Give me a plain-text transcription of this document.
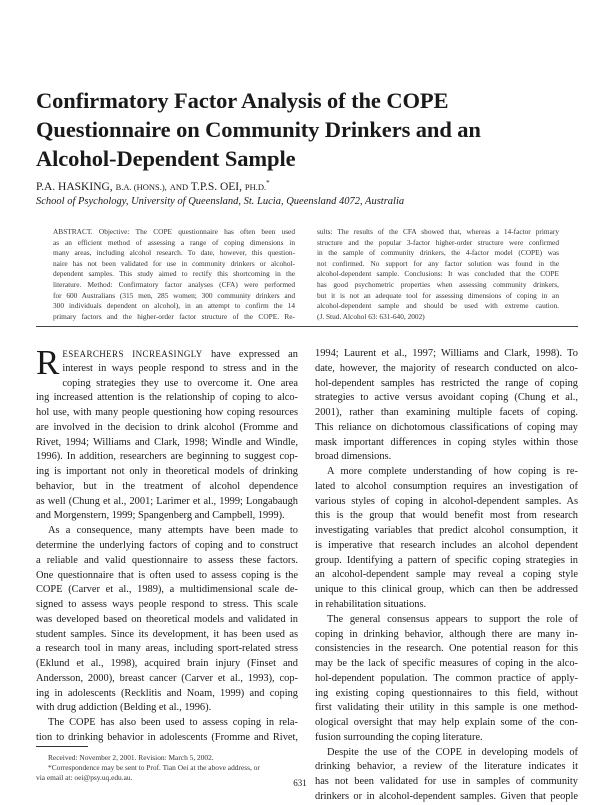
Confirmatory Factor Analysis of the COPE
Questionnaire on Community Drinkers and an
Alcohol-Dependent Sample
P.A. HASKING, B.A. (HONS.), AND T.P.S. OEI, PH.D.*
School of Psychology, University of Queensland, St. Lucia, Queensland 4072, Australia
ABSTRACT. Objective: The COPE questionnaire has often been used
as an efficient method of assessing a range of coping dimensions in
many areas, including alcohol research. To date, however, this question-
naire has not been validated for use in community drinkers or alcohol-
dependent samples. This study aimed to rectify this shortcoming in the
literature. Method: Confirmatory factor analyses (CFA) were performed
for 600 Australians (315 men, 285 women; 300 community drinkers and
300 individuals dependent on alcohol), in an attempt to confirm the 14
primary factors and the higher-order factor structure of the COPE. Re-
sults: The results of the CFA showed that, whereas a 14-factor primary
structure and the popular 3-factor higher-order structure were confirmed
in the sample of community drinkers, the 4-factor model (COPE) was
not confirmed. No support for any factor solution was found in the
alcohol-dependent sample. Conclusions: It was concluded that the COPE
has good psychometric properties when assessing community drinkers,
but it is not an adequate tool for assessing dimensions of coping in an
alcohol-dependent sample and should be used with extreme caution.
(J. Stud. Alcohol 63: 631-640, 2002)
R ESEARCHERS INCREASINGLY have expressed an
interest in ways people respond to stress and in the
coping strategies they use to overcome it. One area
ing increased attention is the relationship of coping to alco-
hol use, with many people questioning how coping resources
are involved in the decision to drink alcohol (Fromme and
Rivet, 1994; Williams and Clark, 1998; Windle and Windle,
1996). In addition, researchers are beginning to suggest cop-
ing is important not only in theoretical models of drinking
behavior, but in the treatment of alcohol dependence
as well (Chung et al., 2001; Larimer et al., 1999; Longabaugh
and Morgenstern, 1999; Spangenberg and Campbell, 1999).
As a consequence, many attempts have been made to
determine the underlying factors of coping and to construct
a reliable and valid questionnaire to assess these factors.
One questionnaire that is often used to assess coping is the
COPE (Carver et al., 1989), a multidimensional scale de-
signed to assess ways people respond to stress. This scale
was developed based on theoretical models and validated in
student samples. Since its development, it has been used as
a research tool in many areas, including sport-related stress
(Eklund et al., 1998), acquired brain injury (Finset and
Andersson, 2000), breast cancer (Carver et al., 1993), cop-
ing in adolescents (Recklitis and Noam, 1999) and coping
with drug addiction (Belding et al., 1996).
The COPE has also been used to assess coping in rela-
tion to drinking behavior in adolescents (Fromme and Rivet,
1994; Laurent et al., 1997; Williams and Clark, 1998). To
date, however, the majority of research conducted on alco-
hol-dependent samples has restricted the range of coping
strategies to active versus avoidant coping (Chung et al.,
2001), rather than examining multiple facets of coping.
This reliance on dichotomous classifications of coping may
mask important differences in coping styles within those
broad dimensions.
A more complete understanding of how coping is re-
lated to alcohol consumption requires an investigation of
various styles of coping in alcohol-dependent samples. As
this is the group that would benefit most from research
investigating variables that predict alcohol consumption, it
is imperative that research includes an alcohol dependent
group. Identifying a pattern of specific coping strategies in
an alcohol-dependent sample may reveal a coping style
unique to this clinical group, which can then be addressed
in rehabilitation situations.
The general consensus appears to support the role of
coping in drinking behavior, although there are many in-
consistencies in the research. One potential reason for this
may be the lack of specific measures of coping in the alco-
hol-dependent population. The common practice of apply-
ing existing coping questionnaires to this field, without
first validating their utility in this sample is one method-
ological oversight that may help explain some of the con-
fusion surrounding the coping literature.
Despite the use of the COPE in developing models of
drinking behavior, a review of the literature indicates it
has not been validated for use in samples of community
drinkers or in alcohol-dependent samples. Given that people
Received: November 2, 2001. Revision: March 5, 2002.
*Correspondence may be sent to Prof. Tian Oei at the above address, or
via email at: oei@psy.uq.edu.au.
631
